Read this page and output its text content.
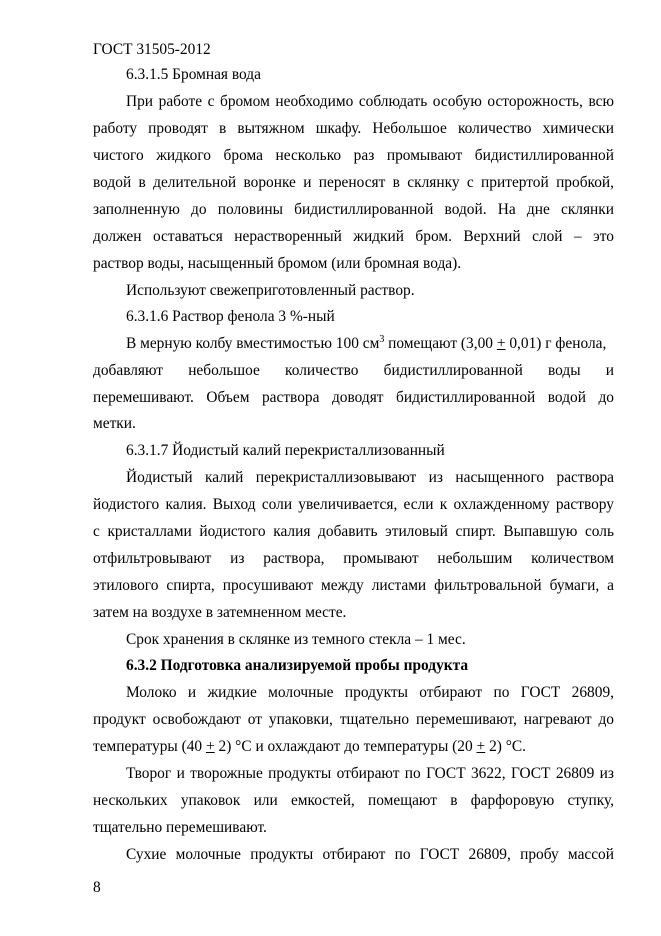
ГОСТ 31505-2012
6.3.1.5 Бромная вода
При работе с бромом необходимо соблюдать особую осторожность, всю
работу проводят в вытяжном шкафу. Небольшое количество химически
чистого жидкого брома несколько раз промывают бидистиллированной
водой в делительной воронке и переносят в склянку с притертой пробкой,
заполненную до половины бидистиллированной водой. На дне склянки
должен оставаться нерастворенный жидкий бром. Верхний слой – это
раствор воды, насыщенный бромом (или бромная вода).
Используют свежеприготовленный раствор.
6.3.1.6 Раствор фенола 3 %-ный
В мерную колбу вместимостью 100 $см^3$ помещают (3,00 + 0,01) г фенола,
добавляют небольшое количество бидистиллированной воды и
перемешивают. Объем раствора доводят бидистиллированной водой до
метки.
6.3.1.7 Йодистый калий перекристаллизованный
Йодистый калий перекристаллизовывают из насыщенного раствора
йодистого калия. Выход соли увеличивается, если к охлажденному раствору
с кристаллами йодистого калия добавить этиловый спирт. Выпавшую соль
отфильтровывают из раствора, промывают небольшим количеством
этилового спирта, просушивают между листами фильтровальной бумаги, а
затем на воздухе в затемненном месте.
Срок хранения в склянке из темного стекла – 1 мес.
6.3.2 Подготовка анализируемой пробы продукта
Молоко и жидкие молочные продукты отбирают по ГОСТ 26809,
продукт освобождают от упаковки, тщательно перемешивают, нагревают до
температуры (40 + 2) °С и охлаждают до температуры (20 + 2) °С.
Творог и творожные продукты отбирают по ГОСТ 3622, ГОСТ 26809 из
нескольких упаковок или емкостей, помещают в фарфоровую ступку,
тщательно перемешивают.
Сухие молочные продукты отбирают по ГОСТ 26809, пробу массой
8
